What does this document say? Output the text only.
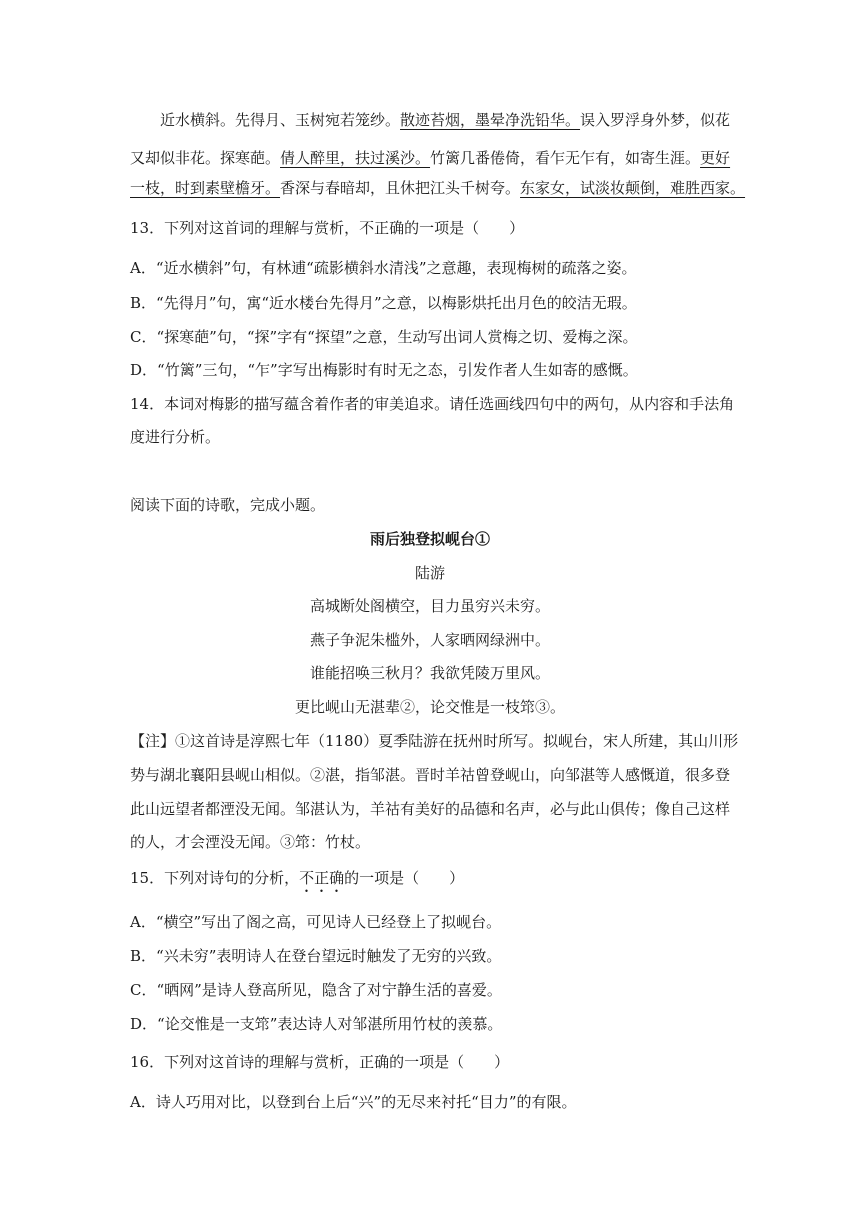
近水横斜。先得月、玉树宛若笼纱。散迹苔烟，墨晕净洗铅华。误入罗浮身外梦，似花
又却似非花。探寒葩。倩人醉里，扶过溪沙。竹篱几番倦倚，看乍无乍有，如寄生涯。更好
一枝，时到素壁檐牙。香深与春暗却，且休把江头千树夸。东家女，试淡妆颠倒，难胜西家。
13．下列对这首词的理解与赏析，不正确的一项是（　　）
A．“近水横斜”句，有林逋“疏影横斜水清浅”之意趣，表现梅树的疏落之姿。
B．“先得月”句，寓“近水楼台先得月”之意，以梅影烘托出月色的皎洁无瑕。
C．“探寒葩”句，“探”字有“探望”之意，生动写出词人赏梅之切、爱梅之深。
D．“竹篱”三句，“乍”字写出梅影时有时无之态，引发作者人生如寄的感慨。
14．本词对梅影的描写蕴含着作者的审美追求。请任选画线四句中的两句，从内容和手法角
度进行分析。
阅读下面的诗歌，完成小题。
雨后独登拟岘台①
陆游
高城断处阁横空，目力虽穷兴未穷。
燕子争泥朱槛外，人家晒网绿洲中。
谁能招唤三秋月？我欲凭陵万里风。
更比岘山无湛辈②，论交惟是一枝筇③。
【注】①这首诗是淳熙七年（1180）夏季陆游在抚州时所写。拟岘台，宋人所建，其山川形
势与湖北襄阳县岘山相似。②湛，指邹湛。晋时羊祜曾登岘山，向邹湛等人感慨道，很多登
此山远望者都湮没无闻。邹湛认为，羊祜有美好的品德和名声，必与此山俱传；像自己这样
的人，才会湮没无闻。③筇：竹杖。
15．下列对诗句的分析，不正确的一项是（　　）
A．“横空”写出了阁之高，可见诗人已经登上了拟岘台。
B．“兴未穷”表明诗人在登台望远时触发了无穷的兴致。
C．“晒网”是诗人登高所见，隐含了对宁静生活的喜爱。
D．“论交惟是一支筇”表达诗人对邹湛所用竹杖的羡慕。
16．下列对这首诗的理解与赏析，正确的一项是（　　）
A．诗人巧用对比，以登到台上后“兴”的无尽来衬托“目力”的有限。
